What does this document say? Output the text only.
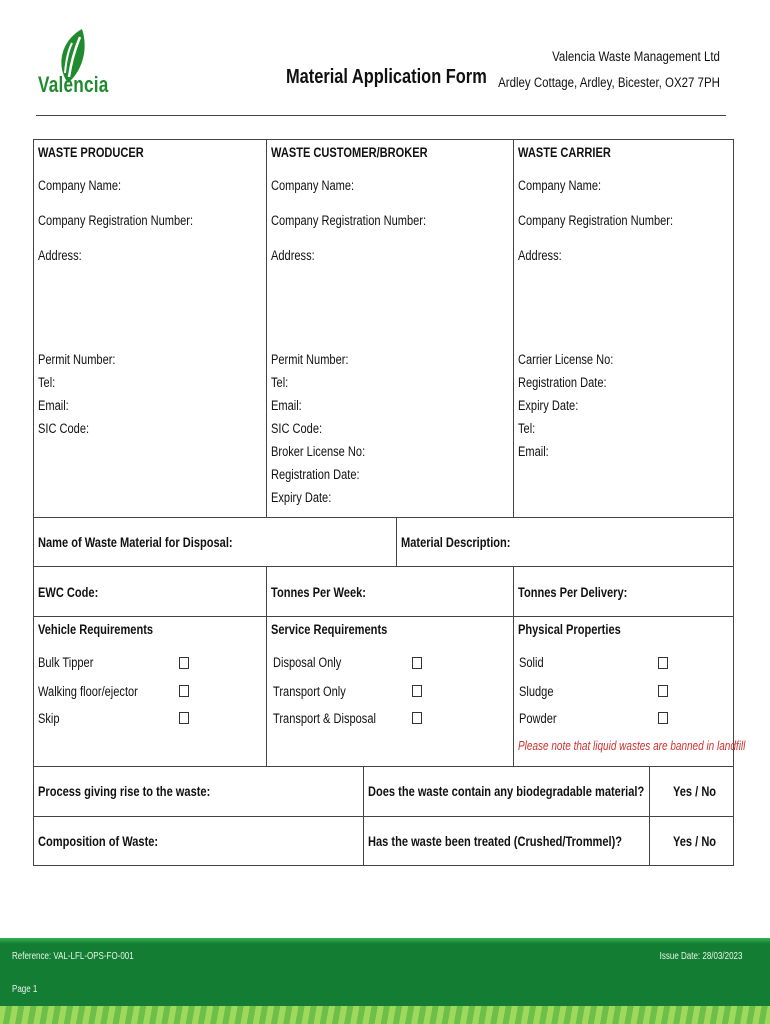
Valencia	Material Application Form
Valencia Waste Management Ltd
Ardley Cottage, Ardley, Bicester, OX27 7PH
WASTE PRODUCER
Company Name:
Company Registration Number:
Address:
Permit Number:
Tel:
Email:
SIC Code:
WASTE CUSTOMER/BROKER
Company Name:
Company Registration Number:
Address:
Permit Number:
Tel:
Email:
SIC Code:
Broker License No:
Registration Date:
Expiry Date:
WASTE CARRIER
Company Name:
Company Registration Number:
Address:
Carrier License No:
Registration Date:
Expiry Date:
Tel:
Email:
Name of Waste Material for Disposal:	Material Description:
EWC Code:	Tonnes Per Week:	Tonnes Per Delivery:
Vehicle Requirements
Bulk Tipper
Walking floor/ejector
Skip
Service Requirements
Disposal Only
Transport Only
Transport & Disposal
Physical Properties
Solid
Sludge
Powder
Please note that liquid wastes are banned in landfill
Process giving rise to the waste:	Does the waste contain any biodegradable material? Yes / No
Composition of Waste:	Has the waste been treated (Crushed/Trommel)?	Yes / No
Reference: VAL-LFL-OPS-FO-001	Issue Date: 28/03/2023
Page 1
